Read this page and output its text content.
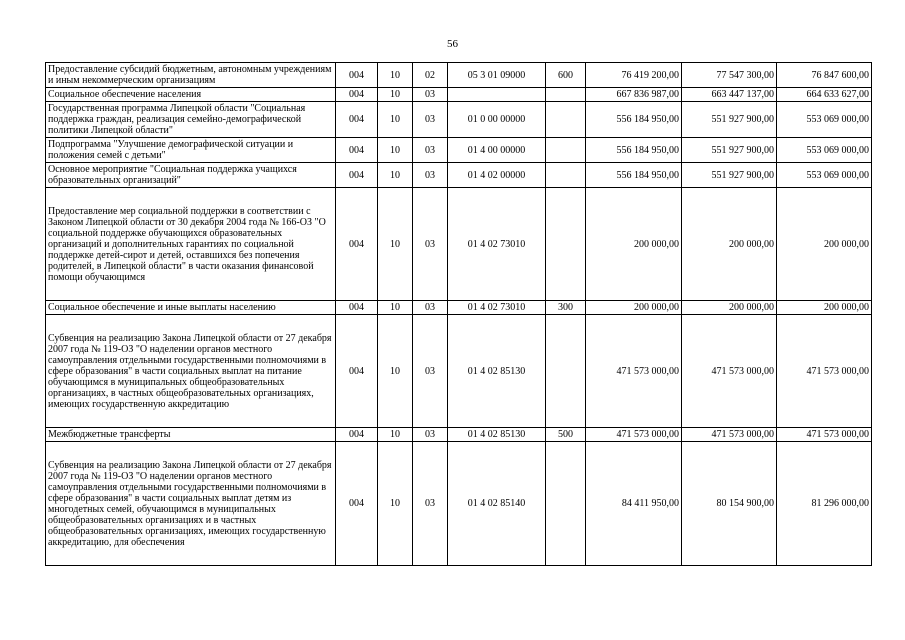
56
Предоставление субсидий бюджетным, автономным учреждениям и иным некоммерческим организациям	004	10	02	05 3 01 09000	600	76 419 200,00	77 547 300,00	76 847 600,00
Социальное обеспечение населения	004	10	03			667 836 987,00	663 447 137,00	664 633 627,00
Государственная программа Липецкой области "Социальная поддержка граждан, реализация семейно-демографической политики Липецкой области"	004	10	03	01 0 00 00000		556 184 950,00	551 927 900,00	553 069 000,00
Подпрограмма "Улучшение демографической ситуации и положения семей с детьми"	004	10	03	01 4 00 00000		556 184 950,00	551 927 900,00	553 069 000,00
Основное мероприятие "Социальная поддержка учащихся образовательных организаций"	004	10	03	01 4 02 00000		556 184 950,00	551 927 900,00	553 069 000,00
Предоставление мер социальной поддержки в соответствии с Законом Липецкой области от 30 декабря 2004 года № 166-ОЗ "О социальной поддержке обучающихся образовательных организаций и дополнительных гарантиях по социальной поддержке детей-сирот и детей, оставшихся без попечения родителей, в Липецкой области" в части оказания финансовой помощи обучающимся	004	10	03	01 4 02 73010		200 000,00	200 000,00	200 000,00
Социальное обеспечение и иные выплаты населению	004	10	03	01 4 02 73010	300	200 000,00	200 000,00	200 000,00
Субвенция на реализацию Закона Липецкой области от 27 декабря 2007 года № 119-ОЗ "О наделении органов местного самоуправления отдельными государственными полномочиями в сфере образования" в части социальных выплат на питание обучающимся в муниципальных общеобразовательных организациях, в частных общеобразовательных организациях, имеющих государственную аккредитацию	004	10	03	01 4 02 85130		471 573 000,00	471 573 000,00	471 573 000,00
Межбюджетные трансферты	004	10	03	01 4 02 85130	500	471 573 000,00	471 573 000,00	471 573 000,00
Субвенция на реализацию Закона Липецкой области от 27 декабря 2007 года № 119-ОЗ "О наделении органов местного самоуправления отдельными государственными полномочиями в сфере образования" в части социальных выплат детям из многодетных семей, обучающимся в муниципальных общеобразовательных организациях и в частных общеобразовательных организациях, имеющих государственную аккредитацию, для обеспечения	004	10	03	01 4 02 85140		84 411 950,00	80 154 900,00	81 296 000,00
